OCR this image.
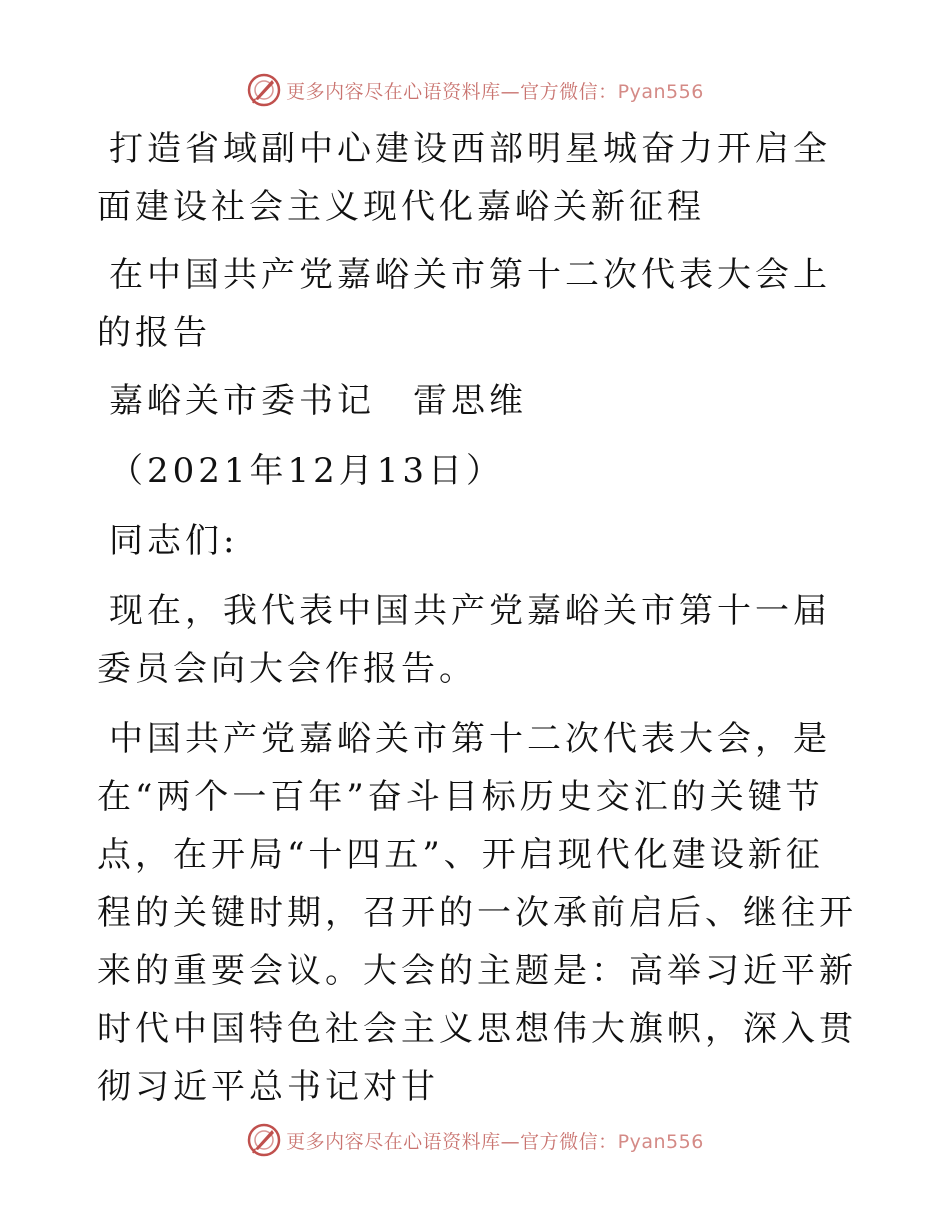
更多内容尽在心语资料库—官方微信：Pyan556

打造省域副中心建设西部明星城奋力开启全面建设社会主义现代化嘉峪关新征程

在中国共产党嘉峪关市第十二次代表大会上的报告

嘉峪关市委书记　雷思维

（2021年12月13日）

同志们:

现在，我代表中国共产党嘉峪关市第十一届委员会向大会作报告。

中国共产党嘉峪关市第十二次代表大会，是在“两个一百年”奋斗目标历史交汇的关键节点，在开局“十四五”、开启现代化建设新征程的关键时期，召开的一次承前启后、继往开来的重要会议。大会的主题是：高举习近平新时代中国特色社会主义思想伟大旗帜，深入贯彻习近平总书记对甘

更多内容尽在心语资料库—官方微信：Pyan556
